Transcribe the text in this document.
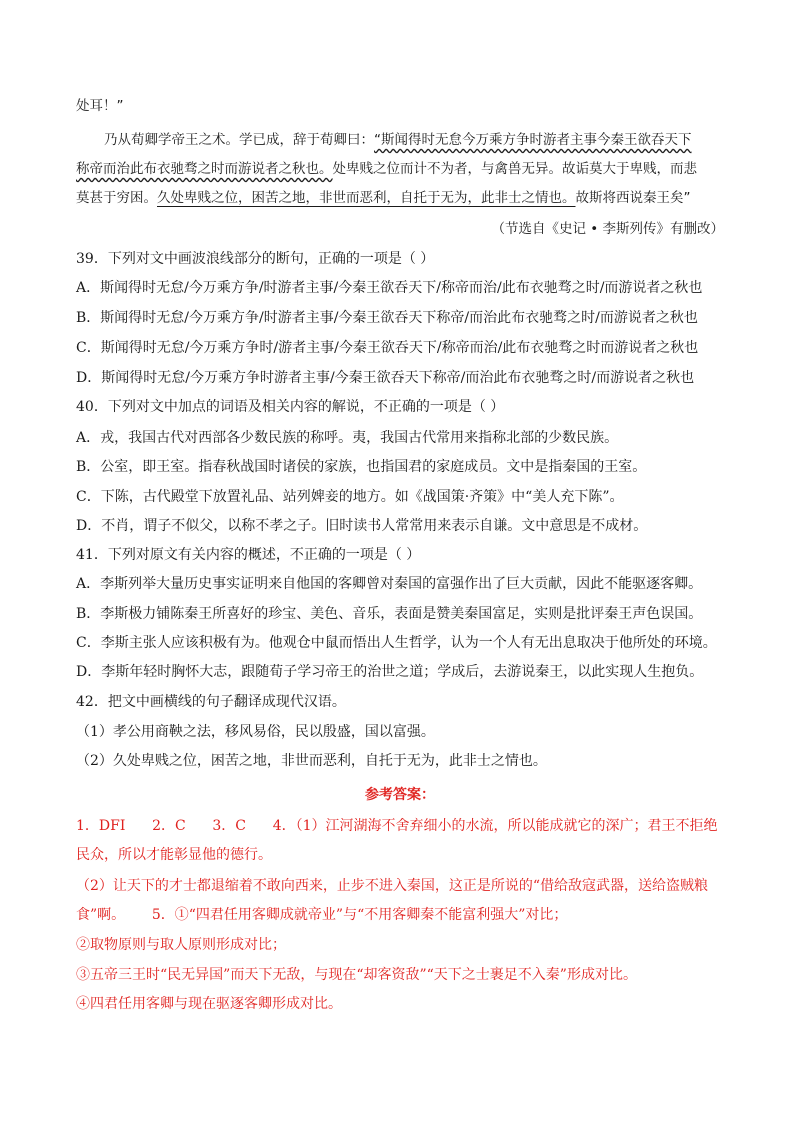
处耳！”
乃从荀卿学帝王之术。学已成，辞于荀卿曰：“斯闻得时无怠今万乘方争时游者主事今秦王欲吞天下
称帝而治此布衣驰骛之时而游说者之秋也。处卑贱之位而计不为者，与禽兽无异。故诟莫大于卑贱，而悲
莫甚于穷困。久处卑贱之位，困苦之地，非世而恶利，自托于无为，此非士之情也。故斯将西说秦王矣”
（节选自《史记 • 李斯列传》有删改）
39．下列对文中画波浪线部分的断句，正确的一项是（ ）
A．斯闻得时无怠/今万乘方争/时游者主事/今秦王欲吞天下/称帝而治/此布衣驰骛之时/而游说者之秋也
B．斯闻得时无怠/今万乘方争/时游者主事/今秦王欲吞天下称帝/而治此布衣驰骛之时/而游说者之秋也
C．斯闻得时无怠/今万乘方争时/游者主事/今秦王欲吞天下/称帝而治/此布衣驰骛之时而游说者之秋也
D．斯闻得时无怠/今万乘方争时游者主事/今秦王欲吞天下称帝/而治此布衣驰骛之时/而游说者之秋也
40．下列对文中加点的词语及相关内容的解说，不正确的一项是（ ）
A．戎，我国古代对西部各少数民族的称呼。夷，我国古代常用来指称北部的少数民族。
B．公室，即王室。指春秋战国时诸侯的家族，也指国君的家庭成员。文中是指秦国的王室。
C．下陈，古代殿堂下放置礼品、站列婢妾的地方。如《战国策·齐策》中“美人充下陈”。
D．不肖，谓子不似父，以称不孝之子。旧时读书人常常用来表示自谦。文中意思是不成材。
41．下列对原文有关内容的概述，不正确的一项是（ ）
A．李斯列举大量历史事实证明来自他国的客卿曾对秦国的富强作出了巨大贡献，因此不能驱逐客卿。
B．李斯极力铺陈秦王所喜好的珍宝、美色、音乐，表面是赞美秦国富足，实则是批评秦王声色误国。
C．李斯主张人应该积极有为。他观仓中鼠而悟出人生哲学，认为一个人有无出息取决于他所处的环境。
D．李斯年轻时胸怀大志，跟随荀子学习帝王的治世之道；学成后，去游说秦王，以此实现人生抱负。
42．把文中画横线的句子翻译成现代汉语。
（1）孝公用商鞅之法，移风易俗，民以殷盛，国以富强。
（2）久处卑贱之位，困苦之地，非世而恶利，自托于无为，此非士之情也。
参考答案：
1．DFI      2．C      3．C      4．（1）江河湖海不舍弃细小的水流，所以能成就它的深广；君王不拒绝
民众，所以才能彰显他的德行。
（2）让天下的才士都退缩着不敢向西来，止步不进入秦国，这正是所说的“借给敌寇武器，送给盗贼粮
食”啊。      5．①“四君任用客卿成就帝业”与“不用客卿秦不能富利强大”对比；
②取物原则与取人原则形成对比；
③五帝三王时“民无异国”而天下无敌，与现在“却客资敌”“天下之士裹足不入秦”形成对比。
④四君任用客卿与现在驱逐客卿形成对比。
